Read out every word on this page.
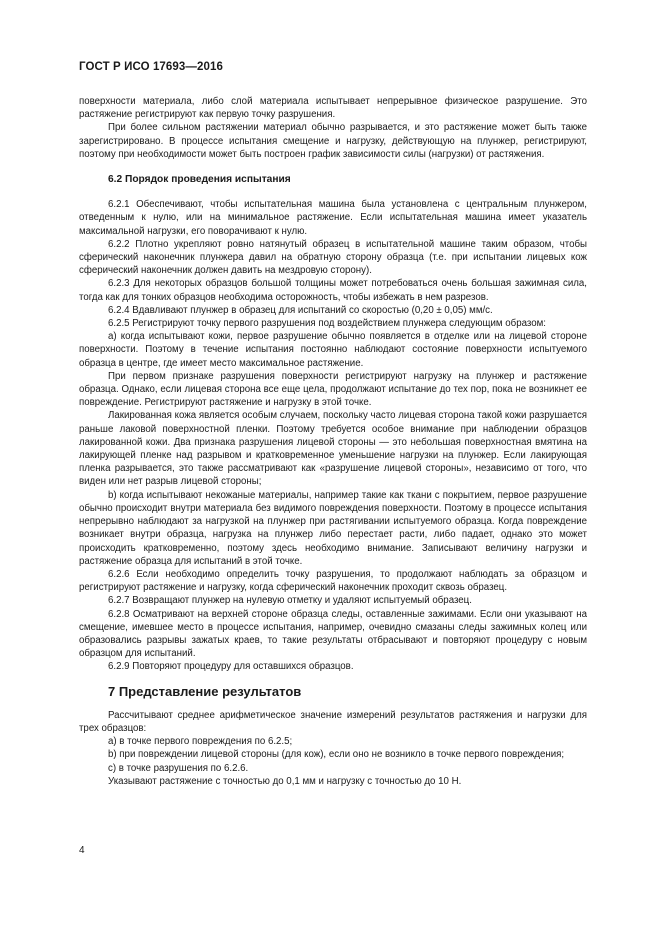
ГОСТ Р ИСО 17693—2016

поверхности материала, либо слой материала испытывает непрерывное физическое разрушение. Это растяжение регистрируют как первую точку разрушения.

При более сильном растяжении материал обычно разрывается, и это растяжение может быть также зарегистрировано. В процессе испытания смещение и нагрузку, действующую на плунжер, регистрируют, поэтому при необходимости может быть построен график зависимости силы (нагрузки) от растяжения.

6.2 Порядок проведения испытания

6.2.1 Обеспечивают, чтобы испытательная машина была установлена с центральным плунжером, отведенным к нулю, или на минимальное растяжение. Если испытательная машина имеет указатель максимальной нагрузки, его поворачивают к нулю.

6.2.2 Плотно укрепляют ровно натянутый образец в испытательной машине таким образом, чтобы сферический наконечник плунжера давил на обратную сторону образца (т.е. при испытании лицевых кож сферический наконечник должен давить на мездровую сторону).

6.2.3 Для некоторых образцов большой толщины может потребоваться очень большая зажимная сила, тогда как для тонких образцов необходима осторожность, чтобы избежать в нем разрезов.

6.2.4 Вдавливают плунжер в образец для испытаний со скоростью (0,20 ± 0,05) мм/с.

6.2.5 Регистрируют точку первого разрушения под воздействием плунжера следующим образом:

a) когда испытывают кожи, первое разрушение обычно появляется в отделке или на лицевой стороне поверхности. Поэтому в течение испытания постоянно наблюдают состояние поверхности испытуемого образца в центре, где имеет место максимальное растяжение.

При первом признаке разрушения поверхности регистрируют нагрузку на плунжер и растяжение образца. Однако, если лицевая сторона все еще цела, продолжают испытание до тех пор, пока не возникнет ее повреждение. Регистрируют растяжение и нагрузку в этой точке.

Лакированная кожа является особым случаем, поскольку часто лицевая сторона такой кожи разрушается раньше лаковой поверхностной пленки. Поэтому требуется особое внимание при наблюдении образцов лакированной кожи. Два признака разрушения лицевой стороны — это небольшая поверхностная вмятина на лакирующей пленке над разрывом и кратковременное уменьшение нагрузки на плунжер. Если лакирующая пленка разрывается, это также рассматривают как «разрушение лицевой стороны», независимо от того, что виден или нет разрыв лицевой стороны;

b) когда испытывают некожаные материалы, например такие как ткани с покрытием, первое разрушение обычно происходит внутри материала без видимого повреждения поверхности. Поэтому в процессе испытания непрерывно наблюдают за нагрузкой на плунжер при растягивании испытуемого образца. Когда повреждение возникает внутри образца, нагрузка на плунжер либо перестает расти, либо падает, однако это может происходить кратковременно, поэтому здесь необходимо внимание. Записывают величину нагрузки и растяжение образца для испытаний в этой точке.

6.2.6 Если необходимо определить точку разрушения, то продолжают наблюдать за образцом и регистрируют растяжение и нагрузку, когда сферический наконечник проходит сквозь образец.

6.2.7 Возвращают плунжер на нулевую отметку и удаляют испытуемый образец.

6.2.8 Осматривают на верхней стороне образца следы, оставленные зажимами. Если они указывают на смещение, имевшее место в процессе испытания, например, очевидно смазаны следы зажимных колец или образовались разрывы зажатых краев, то такие результаты отбрасывают и повторяют процедуру с новым образцом для испытаний.

6.2.9 Повторяют процедуру для оставшихся образцов.

7 Представление результатов

Рассчитывают среднее арифметическое значение измерений результатов растяжения и нагрузки для трех образцов:

a) в точке первого повреждения по 6.2.5;

b) при повреждении лицевой стороны (для кож), если оно не возникло в точке первого повреждения;

c) в точке разрушения по 6.2.6.

Указывают растяжение с точностью до 0,1 мм и нагрузку с точностью до 10 Н.

4
